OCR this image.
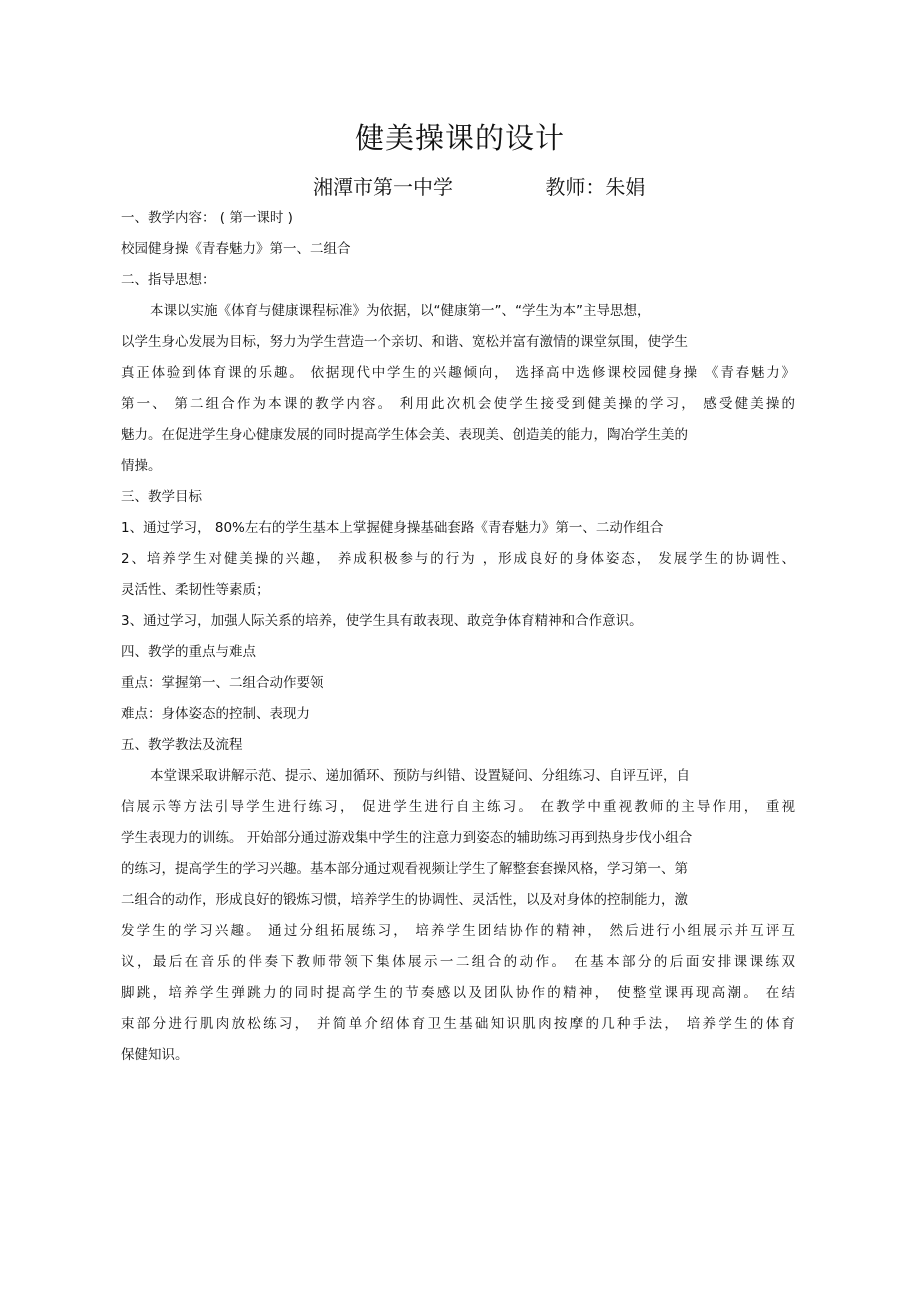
健美操课的设计
湘潭市第一中学	教师：朱娟
一、教学内容： ( 第一课时 )
校园健身操《青春魅力》第一、二组合
二、指导思想：
本课以实施《体育与健康课程标准》为依据，以“健康第一”、“学生为本”主导思想，
以学生身心发展为目标，努力为学生营造一个亲切、和谐、宽松并富有激情的课堂氛围，使学生
真正体验到体育课的乐趣。 依据现代中学生的兴趣倾向， 选择高中选修课校园健身操 《青春魅力》
第一、 第二组合作为本课的教学内容。 利用此次机会使学生接受到健美操的学习， 感受健美操的
魅力。在促进学生身心健康发展的同时提高学生体会美、表现美、创造美的能力，陶冶学生美的
情操。
三、教学目标
1、通过学习， 80%左右的学生基本上掌握健身操基础套路《青春魅力》第一、二动作组合
2、培养学生对健美操的兴趣， 养成积极参与的行为 ，形成良好的身体姿态， 发展学生的协调性、
灵活性、柔韧性等素质；
3、通过学习，加强人际关系的培养，使学生具有敢表现、敢竞争体育精神和合作意识。
四、教学的重点与难点
重点：掌握第一、二组合动作要领
难点：身体姿态的控制、表现力
五、教学教法及流程
本堂课采取讲解示范、提示、递加循环、预防与纠错、设置疑问、分组练习、自评互评，自
信展示等方法引导学生进行练习， 促进学生进行自主练习。 在教学中重视教师的主导作用， 重视
学生表现力的训练。 开始部分通过游戏集中学生的注意力到姿态的辅助练习再到热身步伐小组合
的练习，提高学生的学习兴趣。基本部分通过观看视频让学生了解整套套操风格，学习第一、第
二组合的动作，形成良好的锻炼习惯，培养学生的协调性、灵活性，以及对身体的控制能力，激
发学生的学习兴趣。 通过分组拓展练习， 培养学生团结协作的精神， 然后进行小组展示并互评互
议，最后在音乐的伴奏下教师带领下集体展示一二组合的动作。 在基本部分的后面安排课课练双
脚跳，培养学生弹跳力的同时提高学生的节奏感以及团队协作的精神， 使整堂课再现高潮。 在结
束部分进行肌肉放松练习， 并简单介绍体育卫生基础知识肌肉按摩的几种手法， 培养学生的体育
保健知识。
